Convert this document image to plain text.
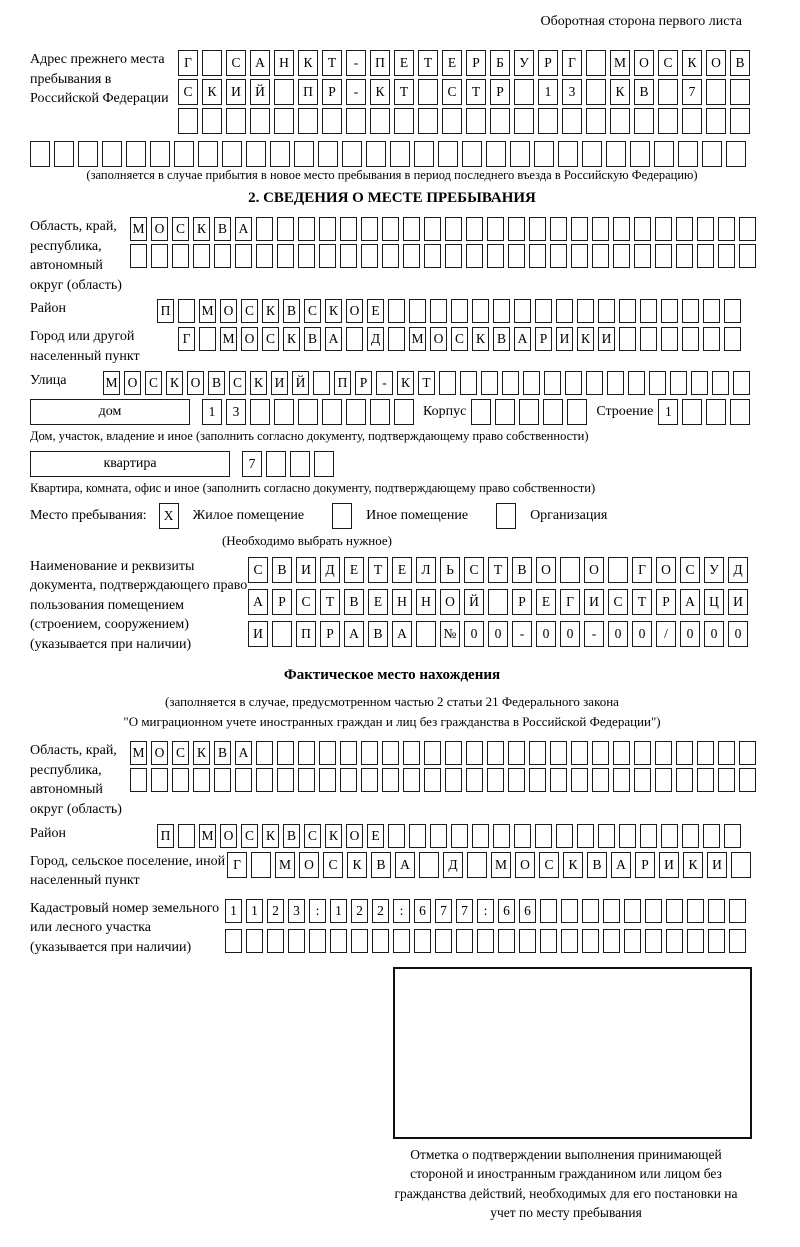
Оборотная сторона первого листа
Адрес прежнего места пребывания в Российской Федерации
Г	С	А	Н	К	Т	-	П	Е	Т	Е	Р	Б	У	Р	Г	М О	С	К	О	В
С	К	И	Й	П	Р	-	К	Т	С	Т	Р	1	3	К	В	7
(заполняется в случае прибытия в новое место пребывания в период последнего въезда в Российскую Федерацию)
2. СВЕДЕНИЯ О МЕСТЕ ПРЕБЫВАНИЯ
Область, край, республика, автономный округ (область)
М О С К В А
Район	П М О С К В С К О Е
Город или другой населенный пункт
Г	М О С К В А Д М О С К В А Р И К И
Улица	М О С К О В С К И Й П Р	-	К Т
дом	1	3	Корпус	Строение 1
Дом, участок, владение и иное (заполнить согласно документу, подтверждающему право собственности)
квартира	7
Квартира, комната, офис и иное (заполнить согласно документу, подтверждающему право собственности)
Место пребывания:	X	Жилое помещение	Иное помещение	Организация
(Необходимо выбрать нужное)
Наименование и реквизиты документа, подтверждающего право пользования помещением (строением, сооружением) (указывается при наличии)
С	В	И	Д	Е	Т	Е	Л	Ь	С	Т	В	О	О	Г	О	С	У	Д
А	Р	С	Т	В	Е	Н	Н	О	Й	Р	Е	Г	И	С	Т	Р	А	Ц	И
И	П	Р	А	В	А	№	0	0	-	0	0	-	0	0	/	0	0	0
Фактическое место нахождения
(заполняется в случае, предусмотренном частью 2 статьи 21 Федерального закона
"О миграционном учете иностранных граждан и лиц без гражданства в Российской Федерации")
Область, край, республика, автономный округ (область)
М О С К В А
Район	П М О С К В С К О Е
Город, сельское поселение, иной населенный пункт
Г	М О	С	К	В	А	Д	М О	С	К	В	А	Р	И	К	И
Кадастровый номер земельного или лесного участка (указывается при наличии)
1	1	2	3	:	1	2	2	:	6	7	7	:	6	6
Отметка о подтверждении выполнения принимающей стороной и иностранным гражданином или лицом без гражданства действий, необходимых для его постановки на учет по месту пребывания
